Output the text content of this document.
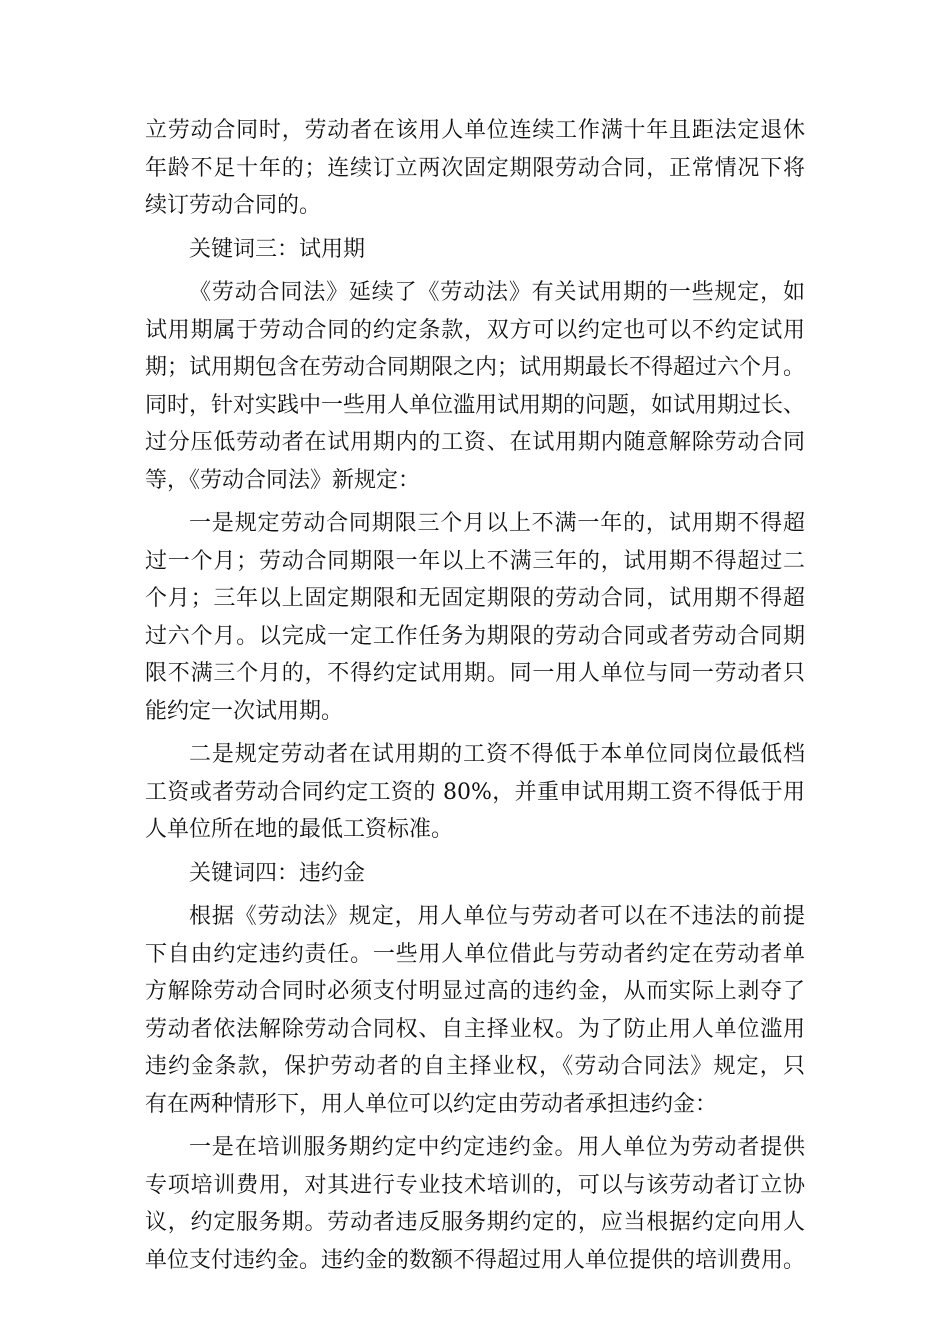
立劳动合同时，劳动者在该用人单位连续工作满十年且距法定退休
年龄不足十年的；连续订立两次固定期限劳动合同，正常情况下将
续订劳动合同的。
关键词三：试用期
《劳动合同法》延续了《劳动法》有关试用期的一些规定，如
试用期属于劳动合同的约定条款，双方可以约定也可以不约定试用
期；试用期包含在劳动合同期限之内；试用期最长不得超过六个月。
同时，针对实践中一些用人单位滥用试用期的问题，如试用期过长、
过分压低劳动者在试用期内的工资、在试用期内随意解除劳动合同
等，《劳动合同法》新规定：
一是规定劳动合同期限三个月以上不满一年的，试用期不得超
过一个月；劳动合同期限一年以上不满三年的，试用期不得超过二
个月；三年以上固定期限和无固定期限的劳动合同，试用期不得超
过六个月。以完成一定工作任务为期限的劳动合同或者劳动合同期
限不满三个月的，不得约定试用期。同一用人单位与同一劳动者只
能约定一次试用期。
二是规定劳动者在试用期的工资不得低于本单位同岗位最低档
工资或者劳动合同约定工资的 80%，并重申试用期工资不得低于用
人单位所在地的最低工资标准。
关键词四：违约金
根据《劳动法》规定，用人单位与劳动者可以在不违法的前提
下自由约定违约责任。一些用人单位借此与劳动者约定在劳动者单
方解除劳动合同时必须支付明显过高的违约金，从而实际上剥夺了
劳动者依法解除劳动合同权、自主择业权。为了防止用人单位滥用
违约金条款，保护劳动者的自主择业权，《劳动合同法》规定，只
有在两种情形下，用人单位可以约定由劳动者承担违约金：
一是在培训服务期约定中约定违约金。用人单位为劳动者提供
专项培训费用，对其进行专业技术培训的，可以与该劳动者订立协
议，约定服务期。劳动者违反服务期约定的，应当根据约定向用人
单位支付违约金。违约金的数额不得超过用人单位提供的培训费用。
